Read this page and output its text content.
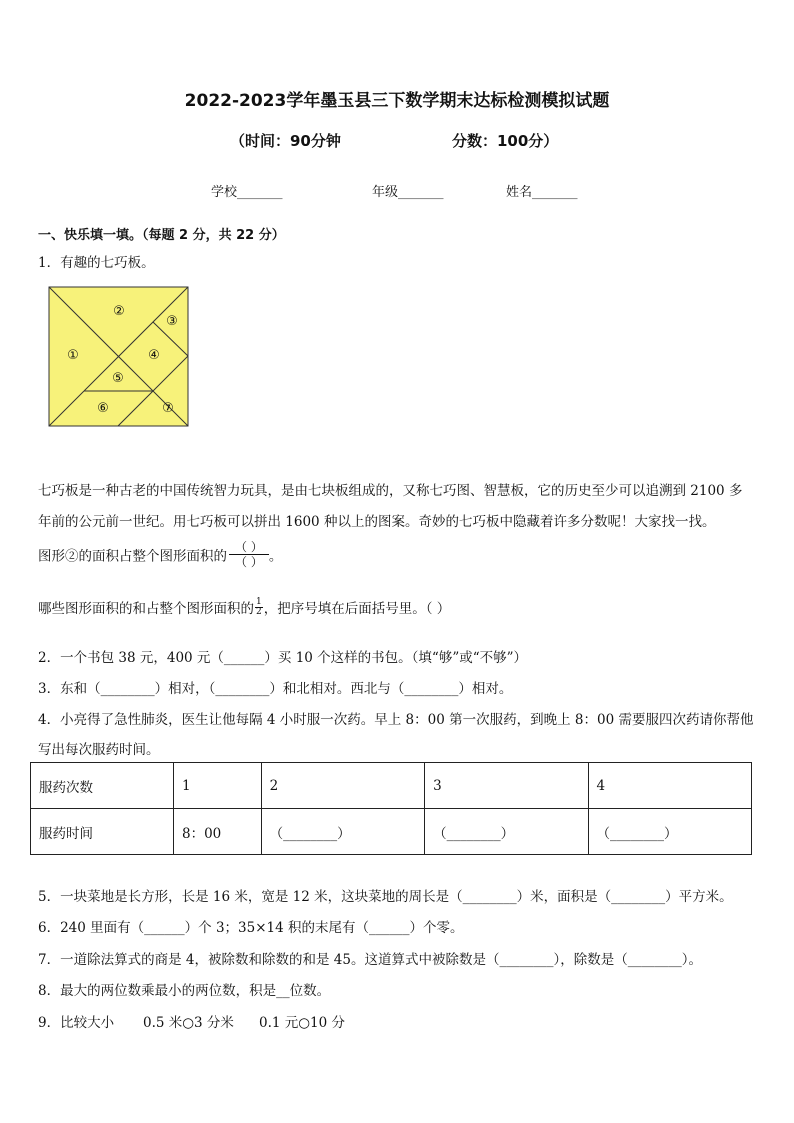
2022-2023学年墨玉县三下数学期末达标检测模拟试题
（时间：90分钟	分数：100分）
学校_______	年级_______	姓名_______
一、快乐填一填。（每题 2 分，共 22 分）
1．有趣的七巧板。
①
②
③
④
⑤
⑥	⑦
七巧板是一种古老的中国传统智力玩具，是由七块板组成的，又称七巧图、智慧板，它的历史至少可以追溯到 2100 多
年前的公元前一世纪。用七巧板可以拼出 1600 种以上的图案。奇妙的七巧板中隐藏着许多分数呢！大家找一找。
图形②的面积占整个图形面积的 $\frac{( )}{( )}$ 。
哪些图形面积的和占整个图形面积的 $\frac{1}{2}$ ，把序号填在后面括号里。（ ）
2．一个书包 38 元，400 元（______）买 10 个这样的书包。（填“够”或“不够”）
3．东和（________）相对，（________）和北相对。西北与（________）相对。
4．小亮得了急性肺炎，医生让他每隔 4 小时服一次药。早上 8：00 第一次服药，到晚上 8：00 需要服四次药请你帮他
写出每次服药时间。
服药次数	1	2	3	4
服药时间	8：00	（________）	（________）	（________）
5．一块菜地是长方形，长是 16 米，宽是 12 米，这块菜地的周长是（________）米，面积是（________）平方米。
6．240 里面有（______）个 3；35×14 积的末尾有（______）个零。
7．一道除法算式的商是 4，被除数和除数的和是 45。这道算式中被除数是（________），除数是（________）。
8．最大的两位数乘最小的两位数，积是__位数。
9．比较大小 0.5 米○3 分米 0.1 元○10 分
